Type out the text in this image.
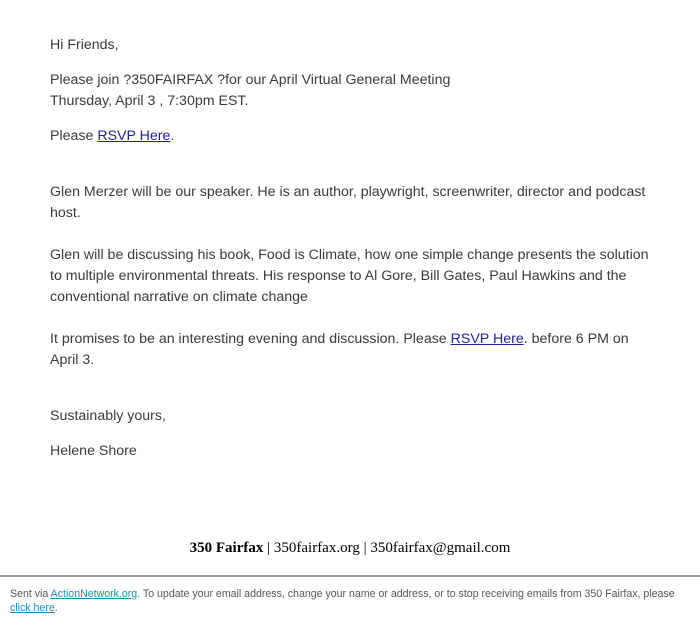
Hi Friends,

Please join ?350FAIRFAX ?for our April Virtual General Meeting
Thursday, April 3 , 7:30pm EST.

Please RSVP Here.

Glen Merzer will be our speaker. He is an author, playwright, screenwriter, director and podcast host.

Glen will be discussing his book, Food is Climate, how one simple change presents the solution to multiple environmental threats. His response to Al Gore, Bill Gates, Paul Hawkins and the conventional narrative on climate change

It promises to be an interesting evening and discussion. Please RSVP Here. before 6 PM on April 3.

Sustainably yours,

Helene Shore

350 Fairfax | 350fairfax.org | 350fairfax@gmail.com
Sent via ActionNetwork.org. To update your email address, change your name or address, or to stop receiving emails from 350 Fairfax, please click here.
